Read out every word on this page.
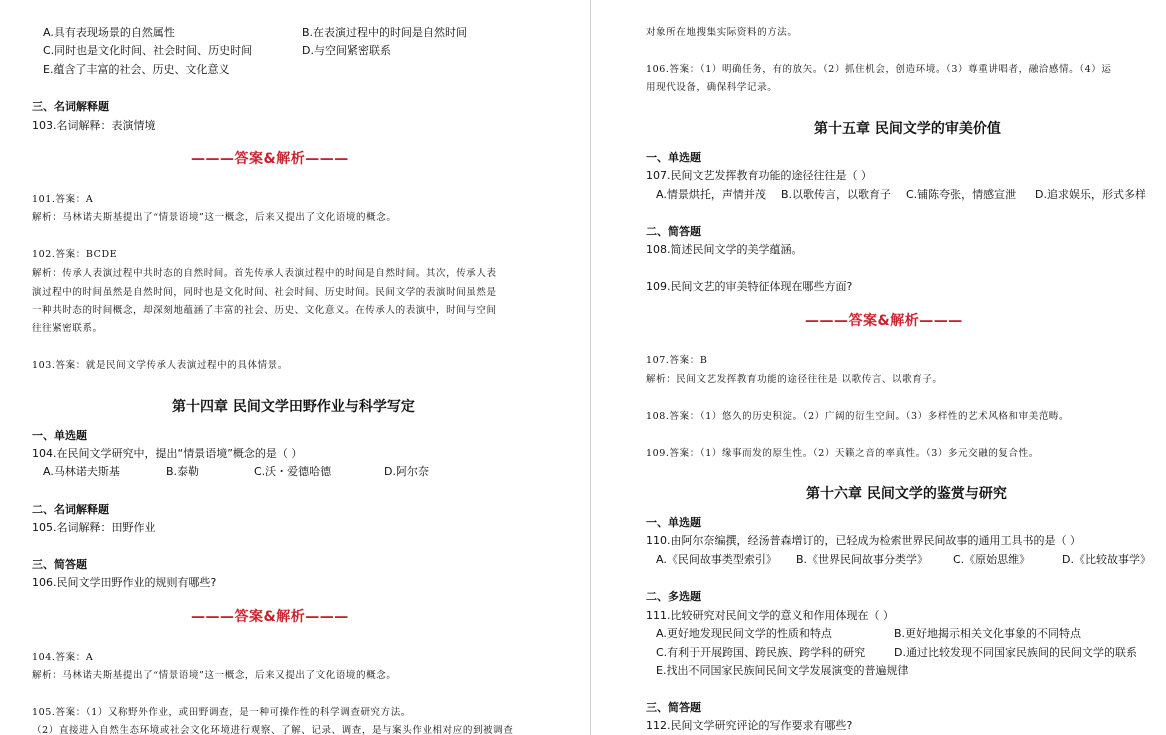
A.具有表现场景的自然属性	B.在表演过程中的时间是自然时间
C.同时也是文化时间、社会时间、历史时间	D.与空间紧密联系
E.蕴含了丰富的社会、历史、文化意义
三、名词解释题
103.名词解释：表演情境
———答案&解析———
101.答案：A
解析：马林诺夫斯基提出了“情景语境”这一概念，后来又提出了文化语境的概念。
102.答案：BCDE
解析：传承人表演过程中共时态的自然时间。首先传承人表演过程中的时间是自然时间。其次，传承人表
演过程中的时间虽然是自然时间，同时也是文化时间、社会时间、历史时间。民间文学的表演时间虽然是
一种共时态的时间概念，却深刻地蕴涵了丰富的社会、历史、文化意义。在传承人的表演中，时间与空间
往往紧密联系。
103.答案：就是民间文学传承人表演过程中的具体情景。
第十四章 民间文学田野作业与科学写定
一、单选题
104.在民间文学研究中，提出“情景语境”概念的是（ ）
A.马林诺夫斯基	B.泰勒	C.沃・爱德哈德	D.阿尔奈
二、名词解释题
105.名词解释：田野作业
三、简答题
106.民间文学田野作业的规则有哪些?
———答案&解析———
104.答案：A
解析：马林诺夫斯基提出了“情景语境”这一概念，后来又提出了文化语境的概念。
105.答案：（1）又称野外作业，或田野调查，是一种可操作性的科学调查研究方法。
（2）直接进入自然生态环境或社会文化环境进行观察、了解、记录、调查，是与案头作业相对应的到被调查
对象所在地搜集实际资料的方法。
106.答案：（1）明确任务，有的放矢。（2）抓住机会，创造环境。（3）尊重讲唱者，融洽感情。（4）运
用现代设备，确保科学记录。
第十五章 民间文学的审美价值
一、单选题
107.民间文艺发挥教育功能的途径往往是（ ）
A.情景烘托，声情并茂 B.以歌传言，以歌育子 C.铺陈夸张，情感宣泄 D.追求娱乐，形式多样
二、简答题
108.简述民间文学的美学蕴涵。
109.民间文艺的审美特征体现在哪些方面?
———答案&解析———
107.答案：B
解析：民间文艺发挥教育功能的途径往往是 以歌传言、以歌育子。
108.答案：（1）悠久的历史积淀。（2）广阔的衍生空间。（3）多样性的艺术风格和审美范畴。
109.答案：（1）缘事而发的原生性。（2）天籁之音的率真性。（3）多元交融的复合性。
第十六章 民间文学的鉴赏与研究
一、单选题
110.由阿尔奈编撰，经汤普森增订的，已轻成为检索世界民间故事的通用工具书的是（ ）
A.《民间故事类型索引》 B.《世界民间故事分类学》 C.《原始思维》	D.《比较故事学》
二、多选题
111.比较研究对民间文学的意义和作用体现在（ ）
A.更好地发现民间文学的性质和特点	B.更好地揭示相关文化事象的不同特点
C.有利于开展跨国、跨民族、跨学科的研究	D.通过比较发现不同国家民族间的民间文学的联系
E.找出不同国家民族间民间文学发展演变的普遍规律
三、简答题
112.民间文学研究评论的写作要求有哪些?
